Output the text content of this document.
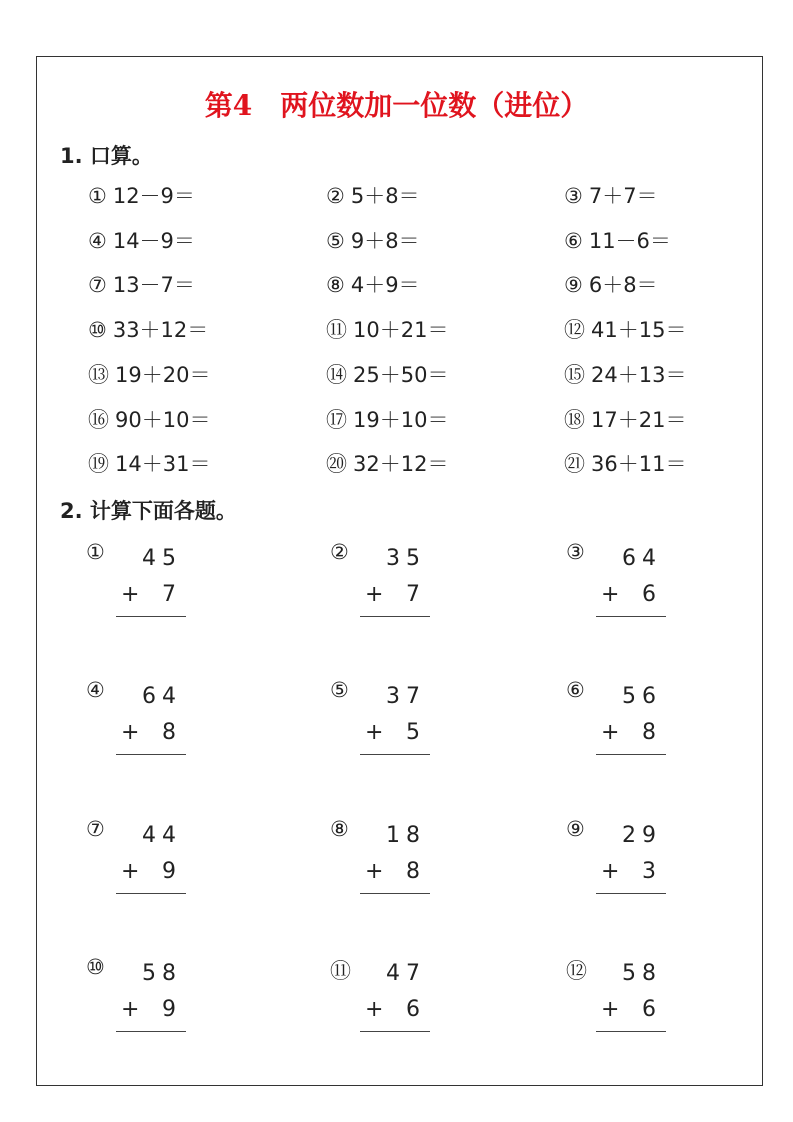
第4　两位数加一位数（进位）
1. 口算。
① 12－9＝	② 5＋8＝	③ 7＋7＝
④ 14－9＝	⑤ 9＋8＝	⑥ 11－6＝
⑦ 13－7＝	⑧ 4＋9＝	⑨ 6＋8＝
⑩ 33＋12＝	⑪ 10＋21＝	⑫ 41＋15＝
⑬ 19＋20＝	⑭ 25＋50＝	⑮ 24＋13＝
⑯ 90＋10＝	⑰ 19＋10＝	⑱ 17＋21＝
⑲ 14＋31＝	⑳ 32＋12＝	㉑ 36＋11＝
2. 计算下面各题。
① 45
+	7
② 35
+	7
③ 64
+	6
④ 64
+	8
⑤ 37
+	5
⑥ 56
+	8
⑦ 44
+	9
⑧ 18
+	8
⑨ 29
+	3
⑩ 58
+	9
⑪ 47
+	6
⑫ 58
+	6
